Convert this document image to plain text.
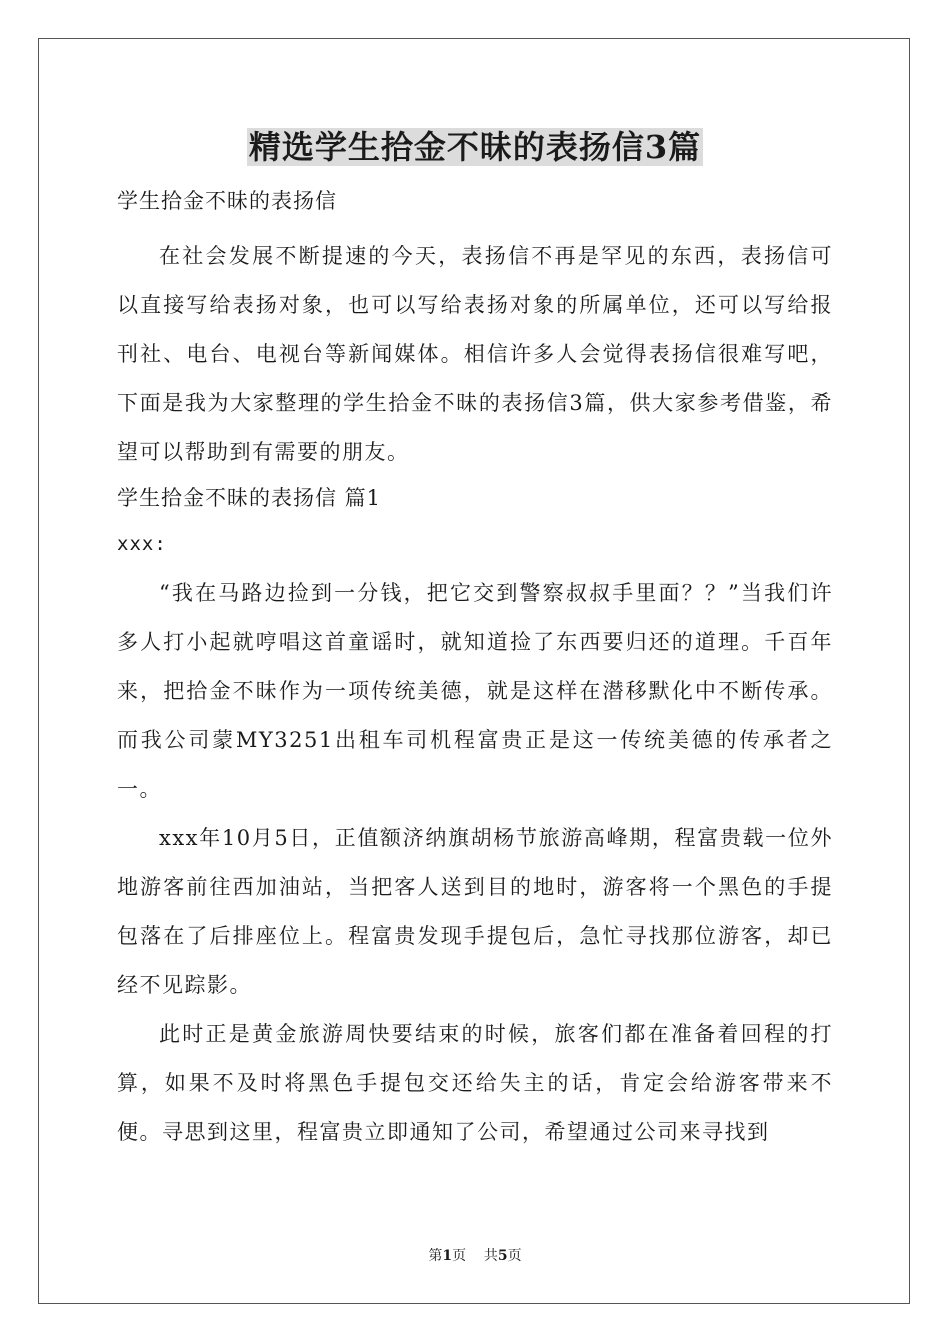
精选学生拾金不昧的表扬信3篇
学生拾金不昧的表扬信

在社会发展不断提速的今天，表扬信不再是罕见的东西，表扬信可以直接写给表扬对象，也可以写给表扬对象的所属单位，还可以写给报刊社、电台、电视台等新闻媒体。相信许多人会觉得表扬信很难写吧，下面是我为大家整理的学生拾金不昧的表扬信3篇，供大家参考借鉴，希望可以帮助到有需要的朋友。

学生拾金不昧的表扬信 篇1
xxx:

“我在马路边捡到一分钱，把它交到警察叔叔手里面？？”当我们许多人打小起就哼唱这首童谣时，就知道捡了东西要归还的道理。千百年来，把拾金不昧作为一项传统美德，就是这样在潜移默化中不断传承。而我公司蒙MY3251出租车司机程富贵正是这一传统美德的传承者之一。

xxx年10月5日，正值额济纳旗胡杨节旅游高峰期，程富贵载一位外地游客前往西加油站，当把客人送到目的地时，游客将一个黑色的手提包落在了后排座位上。程富贵发现手提包后，急忙寻找那位游客，却已经不见踪影。

此时正是黄金旅游周快要结束的时候，旅客们都在准备着回程的打算，如果不及时将黑色手提包交还给失主的话，肯定会给游客带来不便。寻思到这里，程富贵立即通知了公司，希望通过公司来寻找到

第1页 共5页
